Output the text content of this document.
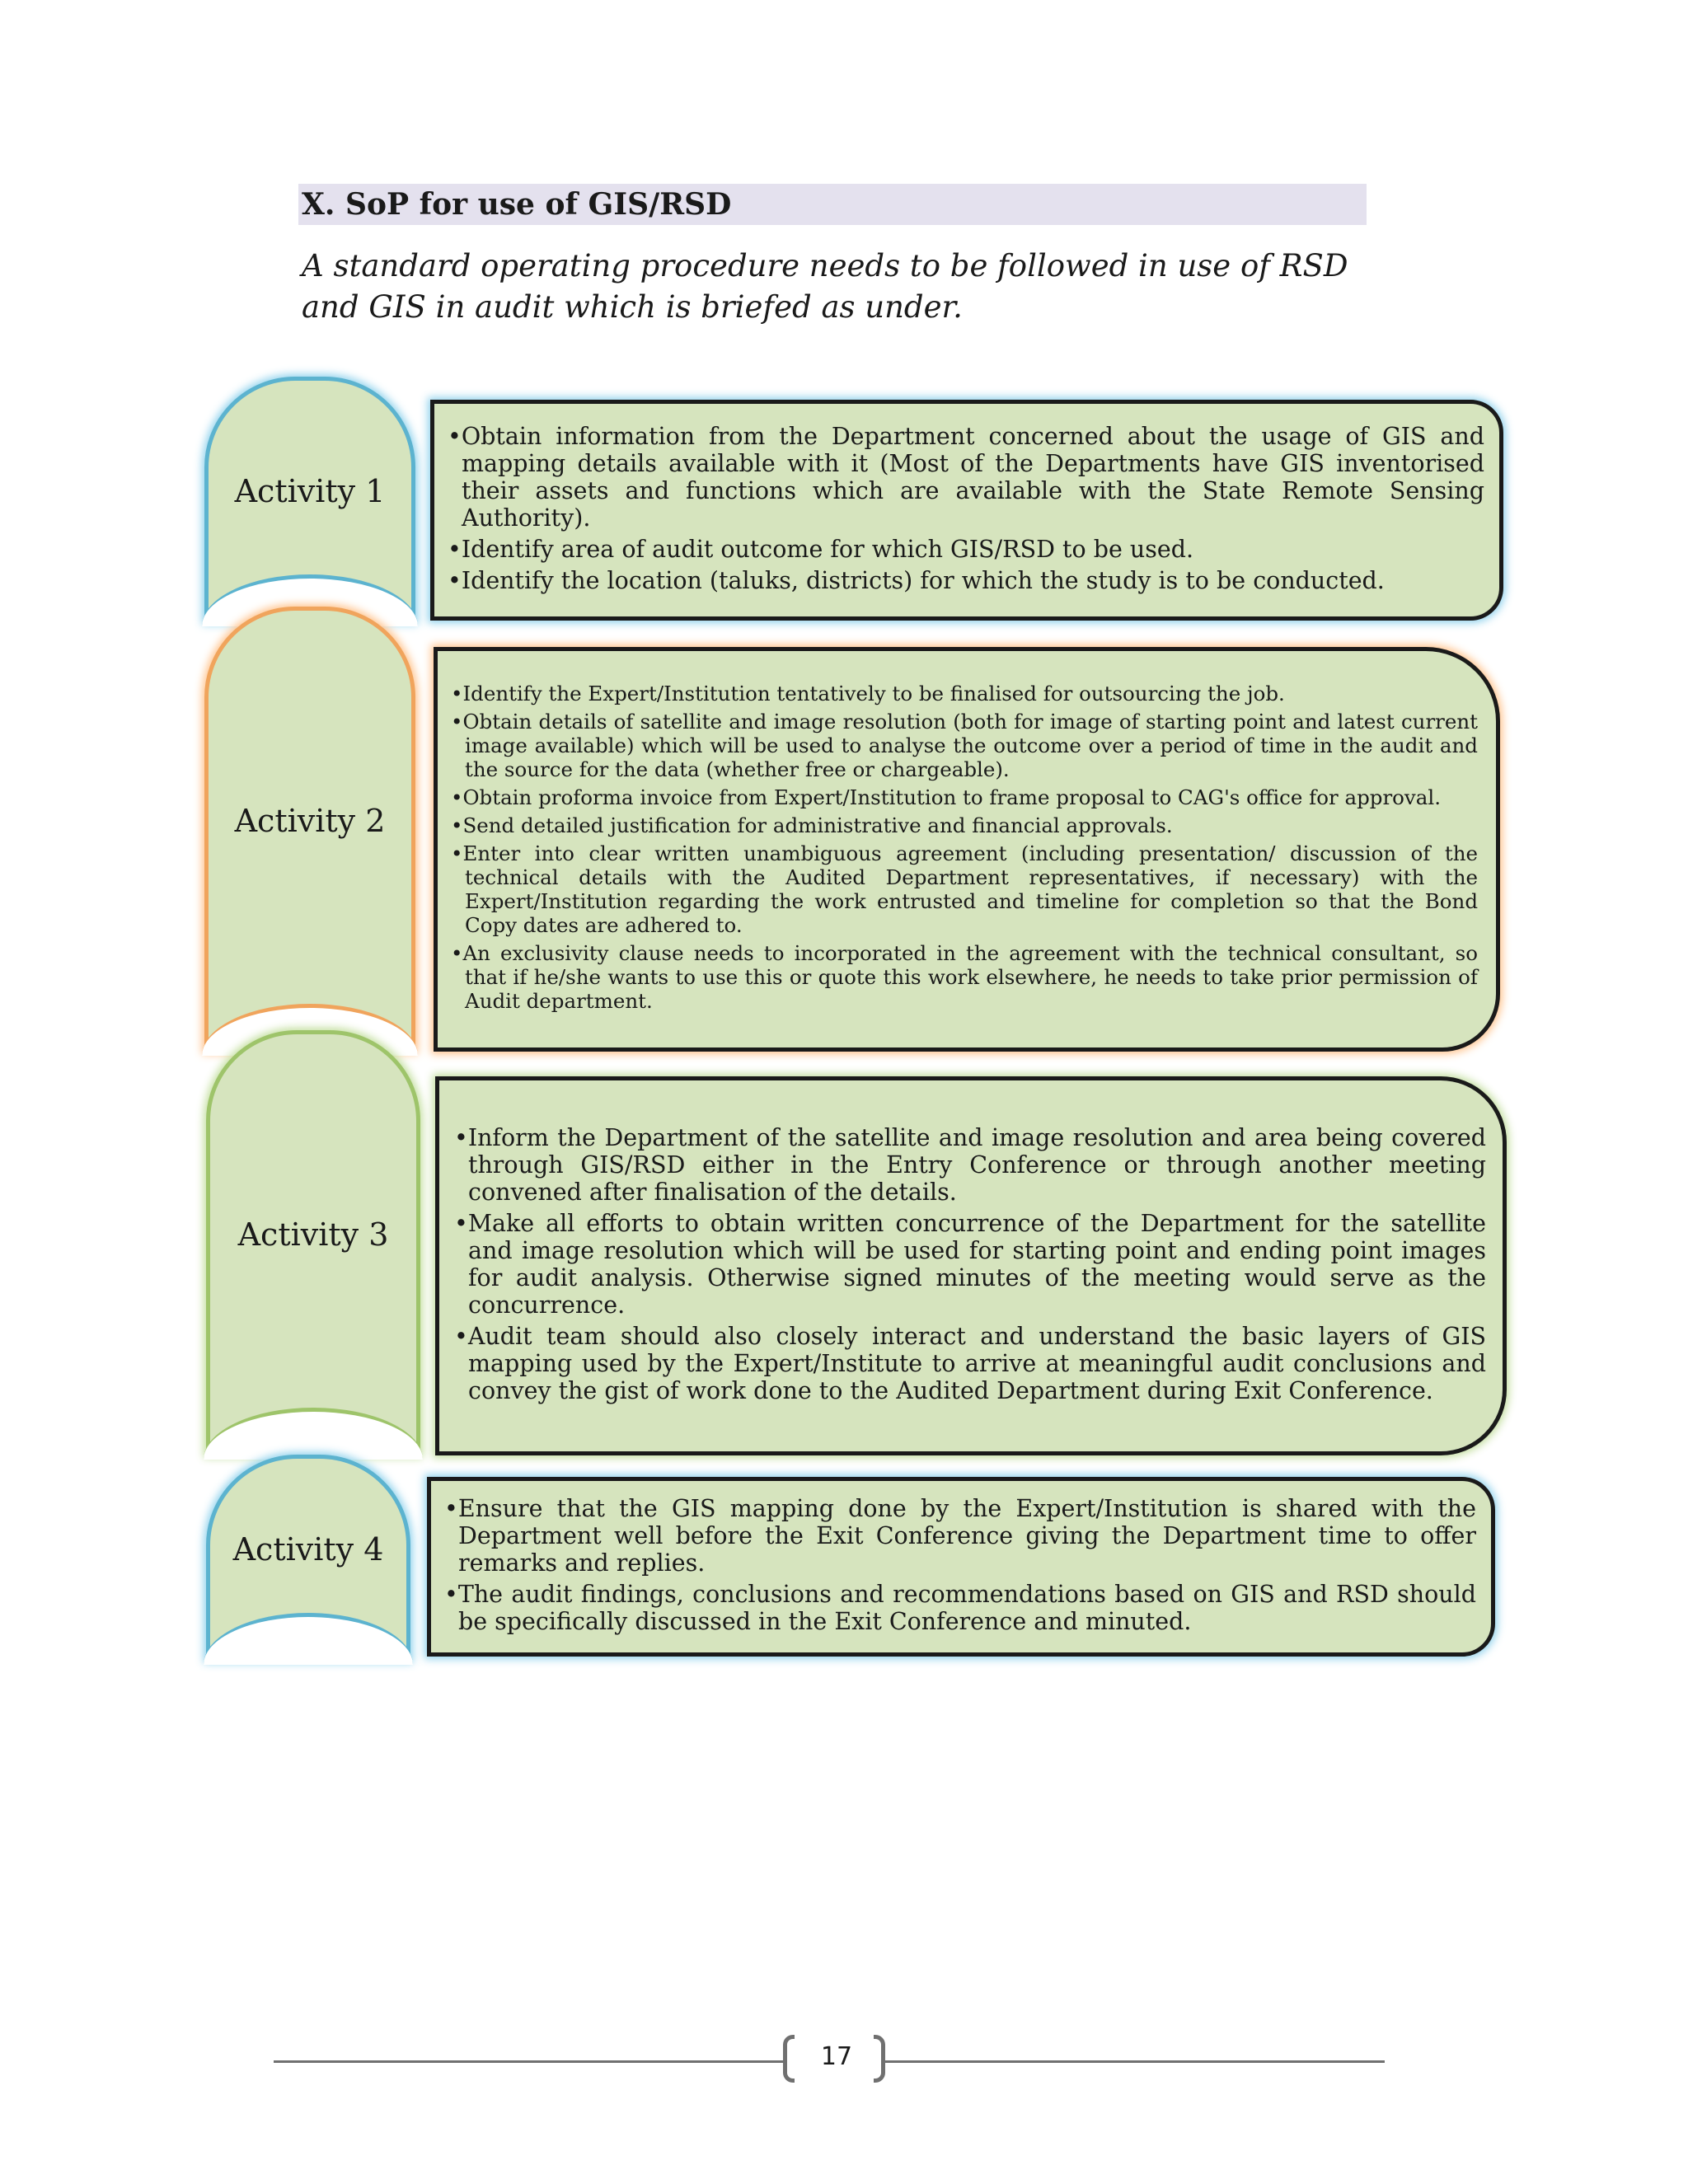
X. SoP for use of GIS/RSD
A standard operating procedure needs to be followed in use of RSD and GIS in audit which is briefed as under.
Activity 1
• Obtain information from the Department concerned about the usage of GIS and mapping details available with it (Most of the Departments have GIS inventorised their assets and functions which are available with the State Remote Sensing Authority).
• Identify area of audit outcome for which GIS/RSD to be used.
• Identify the location (taluks, districts) for which the study is to be conducted.
Activity 2
• Identify the Expert/Institution tentatively to be finalised for outsourcing the job.
• Obtain details of satellite and image resolution (both for image of starting point and latest current image available) which will be used to analyse the outcome over a period of time in the audit and the source for the data (whether free or chargeable).
• Obtain proforma invoice from Expert/Institution to frame proposal to CAG's office for approval.
• Send detailed justification for administrative and financial approvals.
• Enter into clear written unambiguous agreement (including presentation/ discussion of the technical details with the Audited Department representatives, if necessary) with the Expert/Institution regarding the work entrusted and timeline for completion so that the Bond Copy dates are adhered to.
• An exclusivity clause needs to incorporated in the agreement with the technical consultant, so that if he/she wants to use this or quote this work elsewhere, he needs to take prior permission of Audit department.
Activity 3
• Inform the Department of the satellite and image resolution and area being covered through GIS/RSD either in the Entry Conference or through another meeting convened after finalisation of the details.
• Make all efforts to obtain written concurrence of the Department for the satellite and image resolution which will be used for starting point and ending point images for audit analysis. Otherwise signed minutes of the meeting would serve as the concurrence.
• Audit team should also closely interact and understand the basic layers of GIS mapping used by the Expert/Institute to arrive at meaningful audit conclusions and convey the gist of work done to the Audited Department during Exit Conference.
Activity 4
• Ensure that the GIS mapping done by the Expert/Institution is shared with the Department well before the Exit Conference giving the Department time to offer remarks and replies.
• The audit findings, conclusions and recommendations based on GIS and RSD should be specifically discussed in the Exit Conference and minuted.
17
